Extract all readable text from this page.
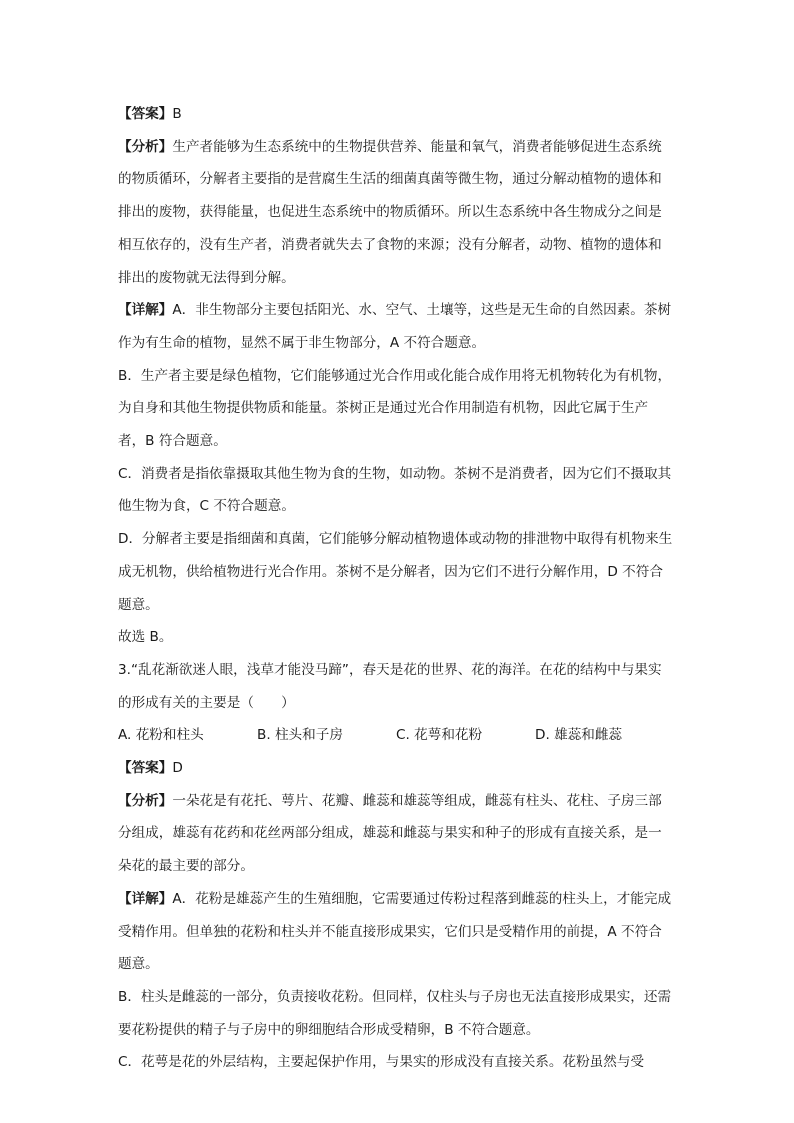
【答案】B

【分析】生产者能够为生态系统中的生物提供营养、能量和氧气，消费者能够促进生态系统的物质循环，分解者主要指的是营腐生生活的细菌真菌等微生物，通过分解动植物的遗体和排出的废物，获得能量，也促进生态系统中的物质循环。所以生态系统中各生物成分之间是相互依存的，没有生产者，消费者就失去了食物的来源；没有分解者，动物、植物的遗体和排出的废物就无法得到分解。

【详解】A．非生物部分主要包括阳光、水、空气、土壤等，这些是无生命的自然因素。茶树作为有生命的植物，显然不属于非生物部分，A 不符合题意。

B．生产者主要是绿色植物，它们能够通过光合作用或化能合成作用将无机物转化为有机物，为自身和其他生物提供物质和能量。茶树正是通过光合作用制造有机物，因此它属于生产者，B 符合题意。

C．消费者是指依靠摄取其他生物为食的生物，如动物。茶树不是消费者，因为它们不摄取其他生物为食，C 不符合题意。

D．分解者主要是指细菌和真菌，它们能够分解动植物遗体或动物的排泄物中取得有机物来生成无机物，供给植物进行光合作用。茶树不是分解者，因为它们不进行分解作用，D 不符合题意。

故选 B。

3.“乱花渐欲迷人眼，浅草才能没马蹄”，春天是花的世界、花的海洋。在花的结构中与果实的形成有关的主要是（　　）

A. 花粉和柱头	B. 柱头和子房	C. 花萼和花粉	D. 雄蕊和雌蕊

【答案】D

【分析】一朵花是有花托、萼片、花瓣、雌蕊和雄蕊等组成，雌蕊有柱头、花柱、子房三部分组成，雄蕊有花药和花丝两部分组成，雄蕊和雌蕊与果实和种子的形成有直接关系，是一朵花的最主要的部分。

【详解】A．花粉是雄蕊产生的生殖细胞，它需要通过传粉过程落到雌蕊的柱头上，才能完成受精作用。但单独的花粉和柱头并不能直接形成果实，它们只是受精作用的前提，A 不符合题意。

B．柱头是雌蕊的一部分，负责接收花粉。但同样，仅柱头与子房也无法直接形成果实，还需要花粉提供的精子与子房中的卵细胞结合形成受精卵，B 不符合题意。

C．花萼是花的外层结构，主要起保护作用，与果实的形成没有直接关系。花粉虽然与受
